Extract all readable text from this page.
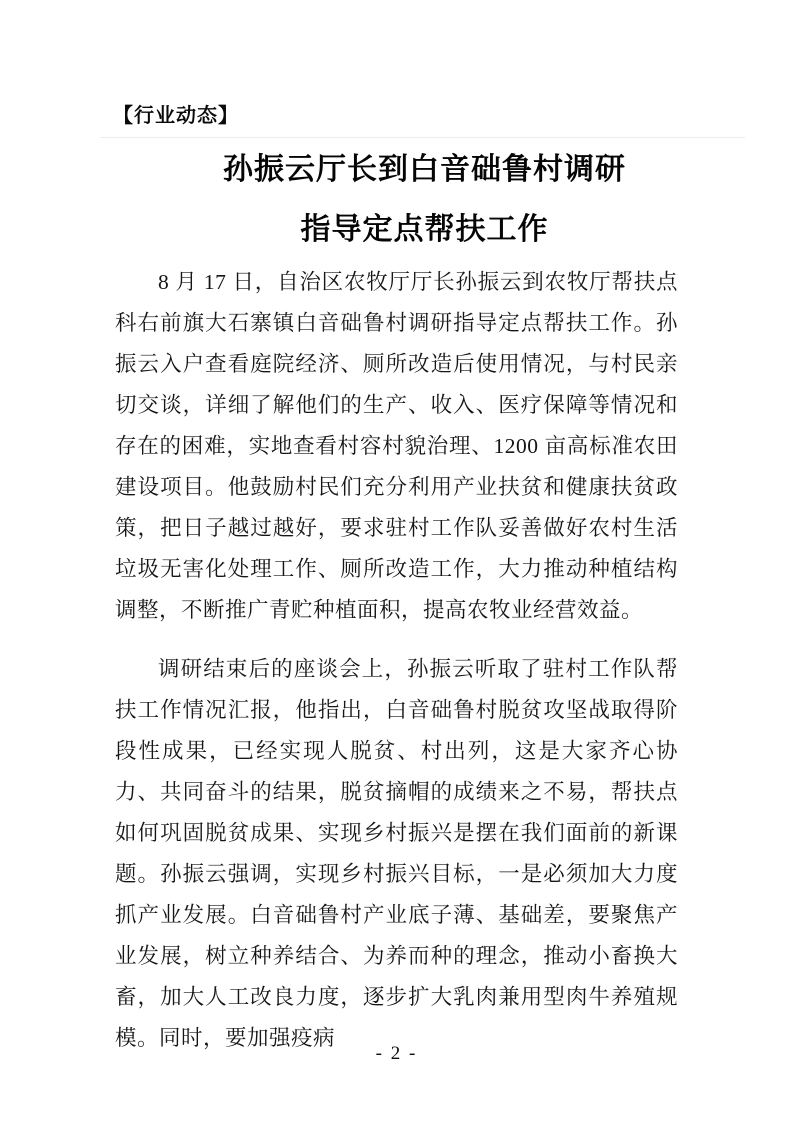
【行业动态】
孙振云厅长到白音础鲁村调研
指导定点帮扶工作

8 月 17 日，自治区农牧厅厅长孙振云到农牧厅帮扶点科右前旗大石寨镇白音础鲁村调研指导定点帮扶工作。孙振云入户查看庭院经济、厕所改造后使用情况，与村民亲切交谈，详细了解他们的生产、收入、医疗保障等情况和存在的困难，实地查看村容村貌治理、1200 亩高标准农田建设项目。他鼓励村民们充分利用产业扶贫和健康扶贫政策，把日子越过越好，要求驻村工作队妥善做好农村生活垃圾无害化处理工作、厕所改造工作，大力推动种植结构调整，不断推广青贮种植面积，提高农牧业经营效益。

调研结束后的座谈会上，孙振云听取了驻村工作队帮扶工作情况汇报，他指出，白音础鲁村脱贫攻坚战取得阶段性成果，已经实现人脱贫、村出列，这是大家齐心协力、共同奋斗的结果，脱贫摘帽的成绩来之不易，帮扶点如何巩固脱贫成果、实现乡村振兴是摆在我们面前的新课题。孙振云强调，实现乡村振兴目标，一是必须加大力度抓产业发展。白音础鲁村产业底子薄、基础差，要聚焦产业发展，树立种养结合、为养而种的理念，推动小畜换大畜，加大人工改良力度，逐步扩大乳肉兼用型肉牛养殖规模。同时，要加强疫病

- 2 -
